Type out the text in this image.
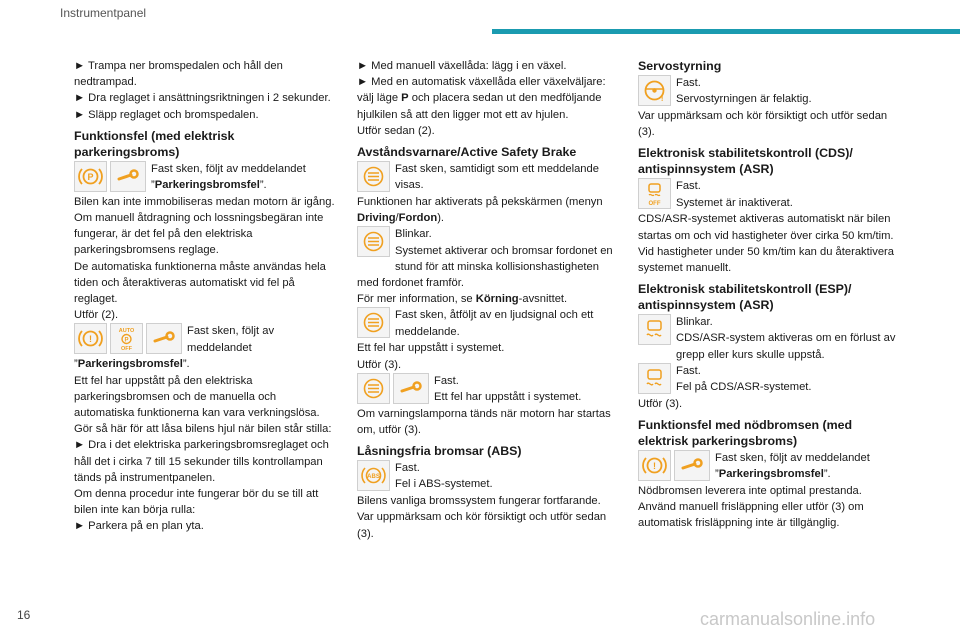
Instrumentpanel
► Trampa ner bromspedalen och håll den nedtrampad.
► Dra reglaget i ansättningsriktningen i 2 sekunder.
► Släpp reglaget och bromspedalen.
Funktionsfel (med elektrisk parkeringsbroms)
P
Fast sken, följt av meddelandet ”Parkeringsbromsfel”.
Bilen kan inte immobiliseras medan motorn är igång.
Om manuell åtdragning och lossningsbegäran inte fungerar, är det fel på den elektriska parkeringsbromsens reglage.
De automatiska funktionerna måste användas hela tiden och återaktiveras automatiskt vid fel på reglaget.
Utför (2).
!
AUTO
P
OFF
Fast sken, följt av meddelandet
”Parkeringsbromsfel”.
Ett fel har uppstått på den elektriska parkeringsbromsen och de manuella och automatiska funktionerna kan vara verkningslösa.
Gör så här för att låsa bilens hjul när bilen står stilla:
► Dra i det elektriska parkeringsbromsreglaget och håll det i cirka 7 till 15 sekunder tills kontrollampan tänds på instrumentpanelen.
Om denna procedur inte fungerar bör du se till att bilen inte kan börja rulla:
► Parkera på en plan yta.
► Med manuell växellåda: lägg i en växel.
► Med en automatisk växellåda eller växelväljare: välj läge P och placera sedan ut den medföljande hjulkilen så att den ligger mot ett av hjulen.
Utför sedan (2).
Avståndsvarnare/Active Safety Brake
Fast sken, samtidigt som ett meddelande visas.
Funktionen har aktiverats på pekskärmen (menyn Driving/Fordon).
Blinkar.
Systemet aktiverar och bromsar fordonet en stund för att minska kollisionshastigheten med fordonet framför.
För mer information, se Körning-avsnittet.
Fast sken, åtföljt av en ljudsignal och ett meddelande.
Ett fel har uppstått i systemet.
Utför (3).
Fast.
Ett fel har uppstått i systemet.
Om varningslamporna tänds när motorn har startas om, utför (3).
Låsningsfria bromsar (ABS)
ABS
Fast.
Fel i ABS-systemet.
Bilens vanliga bromssystem fungerar fortfarande.
Var uppmärksam och kör försiktigt och utför sedan (3).
Servostyrning
!
Fast.
Servostyrningen är felaktig.
Var uppmärksam och kör försiktigt och utför sedan (3).
Elektronisk stabilitetskontroll (CDS)/ antispinnsystem (ASR)
OFF
Fast.
Systemet är inaktiverat.
CDS/ASR-systemet aktiveras automatiskt när bilen startas om och vid hastigheter över cirka 50 km/tim.
Vid hastigheter under 50 km/tim kan du återaktivera systemet manuellt.
Elektronisk stabilitetskontroll (ESP)/ antispinnsystem (ASR)
Blinkar.
CDS/ASR-system aktiveras om en förlust av grepp eller kurs skulle uppstå.
Fast.
Fel på CDS/ASR-systemet.
Utför (3).
Funktionsfel med nödbromsen (med elektrisk parkeringsbroms)
!
Fast sken, följt av meddelandet ”Parkeringsbromsfel”.
Nödbromsen leverera inte optimal prestanda.
Använd manuell frisläppning eller utför (3) om automatisk frisläppning inte är tillgänglig.
16	carmanualsonline.info
